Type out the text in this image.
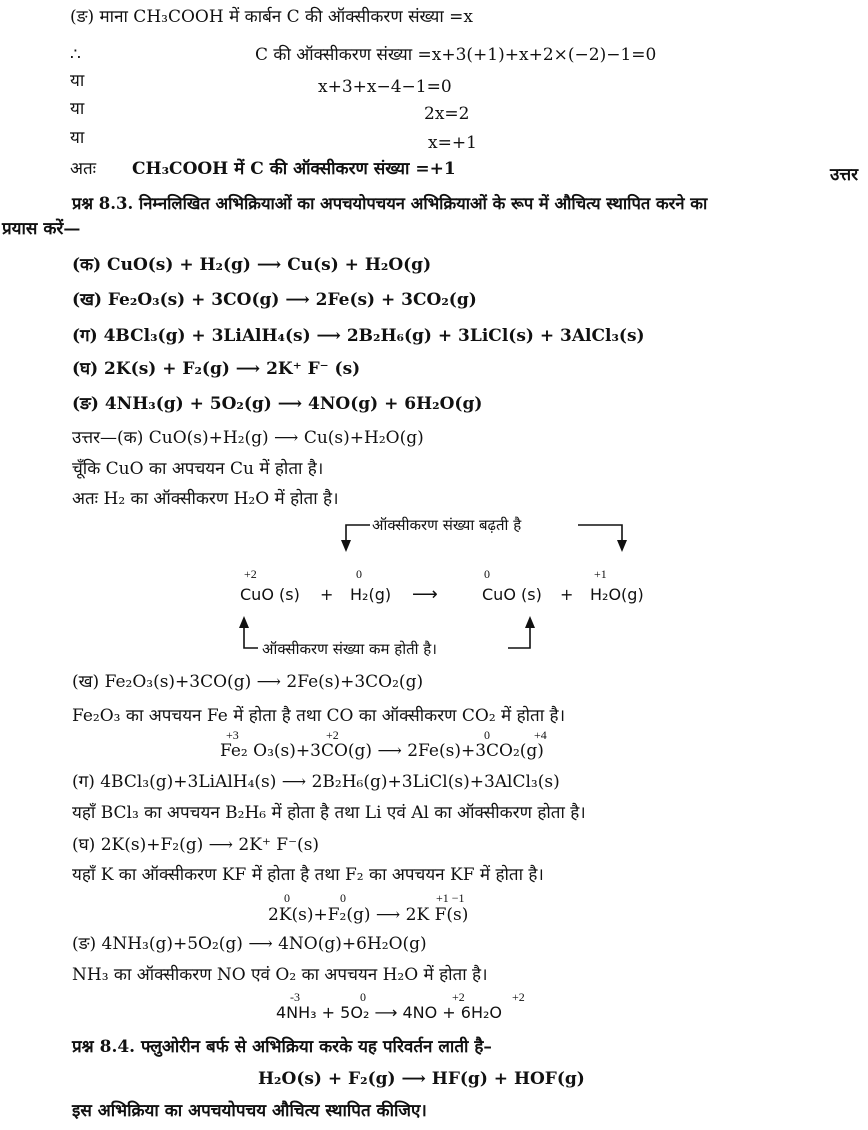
(ङ) माना CH₃COOH में कार्बन C की ऑक्सीकरण संख्या =x
∴	C की ऑक्सीकरण संख्या =x+3(+1)+x+2×(−2)−1=0
या	x+3+x−4−1=0
या	2x=2
या	x=+1
अतः CH₃COOH में C की ऑक्सीकरण संख्या =+1	उत्तर
प्रश्न 8.3. निम्नलिखित अभिक्रियाओं का अपचयोपचयन अभिक्रियाओं के रूप में औचित्य स्थापित करने का
प्रयास करें—
(क) CuO(s) + H₂(g) ⟶ Cu(s) + H₂O(g)
(ख) Fe₂O₃(s) + 3CO(g) ⟶ 2Fe(s) + 3CO₂(g)
(ग) 4BCl₃(g) + 3LiAlH₄(s) ⟶ 2B₂H₆(g) + 3LiCl(s) + 3AlCl₃(s)
(घ) 2K(s) + F₂(g) ⟶ 2K⁺ F⁻ (s)
(ङ) 4NH₃(g) + 5O₂(g) ⟶ 4NO(g) + 6H₂O(g)
उत्तर—(क) CuO(s)+H₂(g) ⟶ Cu(s)+H₂O(g)
चूँकि CuO का अपचयन Cu में होता है।
अतः H₂ का ऑक्सीकरण H₂O में होता है।
ऑक्सीकरण संख्या बढ़ती है
+2	0	0	+1
CuO (s) + H₂(g) ⟶	CuO (s) + H₂O(g)
ऑक्सीकरण संख्या कम होती है।
(ख) Fe₂O₃(s)+3CO(g) ⟶ 2Fe(s)+3CO₂(g)
Fe₂O₃ का अपचयन Fe में होता है तथा CO का ऑक्सीकरण CO₂ में होता है।
+3	+2	0	+4
Fe₂ O₃(s)+3CO(g) ⟶ 2Fe(s)+3CO₂(g)
(ग) 4BCl₃(g)+3LiAlH₄(s) ⟶ 2B₂H₆(g)+3LiCl(s)+3AlCl₃(s)
यहाँ BCl₃ का अपचयन B₂H₆ में होता है तथा Li एवं Al का ऑक्सीकरण होता है।
(घ) 2K(s)+F₂(g) ⟶ 2K⁺ F⁻(s)
यहाँ K का ऑक्सीकरण KF में होता है तथा F₂ का अपचयन KF में होता है।
0	0	+1 −1
2K(s)+F₂(g) ⟶ 2K F(s)
(ङ) 4NH₃(g)+5O₂(g) ⟶ 4NO(g)+6H₂O(g)
NH₃ का ऑक्सीकरण NO एवं O₂ का अपचयन H₂O में होता है।
-3	0	+2	+2
4NH₃ + 5O₂ ⟶ 4NO + 6H₂O
प्रश्न 8.4. फ्लुओरीन बर्फ से अभिक्रिया करके यह परिवर्तन लाती है–
H₂O(s) + F₂(g) ⟶ HF(g) + HOF(g)
इस अभिक्रिया का अपचयोपचय औचित्य स्थापित कीजिए।
